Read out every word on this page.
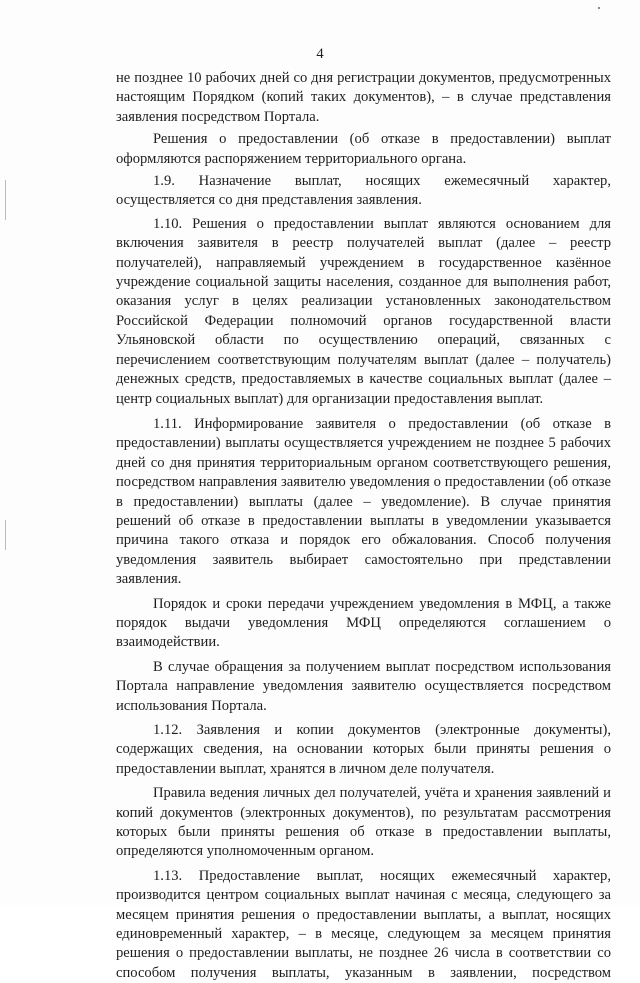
4

не позднее 10 рабочих дней со дня регистрации документов, предусмотренных настоящим Порядком (копий таких документов), – в случае представления заявления посредством Портала.

Решения о предоставлении (об отказе в предоставлении) выплат оформляются распоряжением территориального органа.

1.9. Назначение выплат, носящих ежемесячный характер, осуществляется со дня представления заявления.

1.10. Решения о предоставлении выплат являются основанием для включения заявителя в реестр получателей выплат (далее – реестр получателей), направляемый учреждением в государственное казённое учреждение социальной защиты населения, созданное для выполнения работ, оказания услуг в целях реализации установленных законодательством Российской Федерации полномочий органов государственной власти Ульяновской области по осуществлению операций, связанных с перечислением соответствующим получателям выплат (далее – получатель) денежных средств, предоставляемых в качестве социальных выплат (далее – центр социальных выплат) для организации предоставления выплат.

1.11. Информирование заявителя о предоставлении (об отказе в предоставлении) выплаты осуществляется учреждением не позднее 5 рабочих дней со дня принятия территориальным органом соответствующего решения, посредством направления заявителю уведомления о предоставлении (об отказе в предоставлении) выплаты (далее – уведомление). В случае принятия решений об отказе в предоставлении выплаты в уведомлении указывается причина такого отказа и порядок его обжалования. Способ получения уведомления заявитель выбирает самостоятельно при представлении заявления.

Порядок и сроки передачи учреждением уведомления в МФЦ, а также порядок выдачи уведомления МФЦ определяются соглашением о взаимодействии.

В случае обращения за получением выплат посредством использования Портала направление уведомления заявителю осуществляется посредством использования Портала.

1.12. Заявления и копии документов (электронные документы), содержащих сведения, на основании которых были приняты решения о предоставлении выплат, хранятся в личном деле получателя.

Правила ведения личных дел получателей, учёта и хранения заявлений и копий документов (электронных документов), по результатам рассмотрения которых были приняты решения об отказе в предоставлении выплаты, определяются уполномоченным органом.

1.13. Предоставление выплат, носящих ежемесячный характер, производится центром социальных выплат начиная с месяца, следующего за месяцем принятия решения о предоставлении выплаты, а выплат, носящих единовременный характер, – в месяце, следующем за месяцем принятия решения о предоставлении выплаты, не позднее 26 числа в соответствии со способом получения выплаты, указанным в заявлении, посредством
